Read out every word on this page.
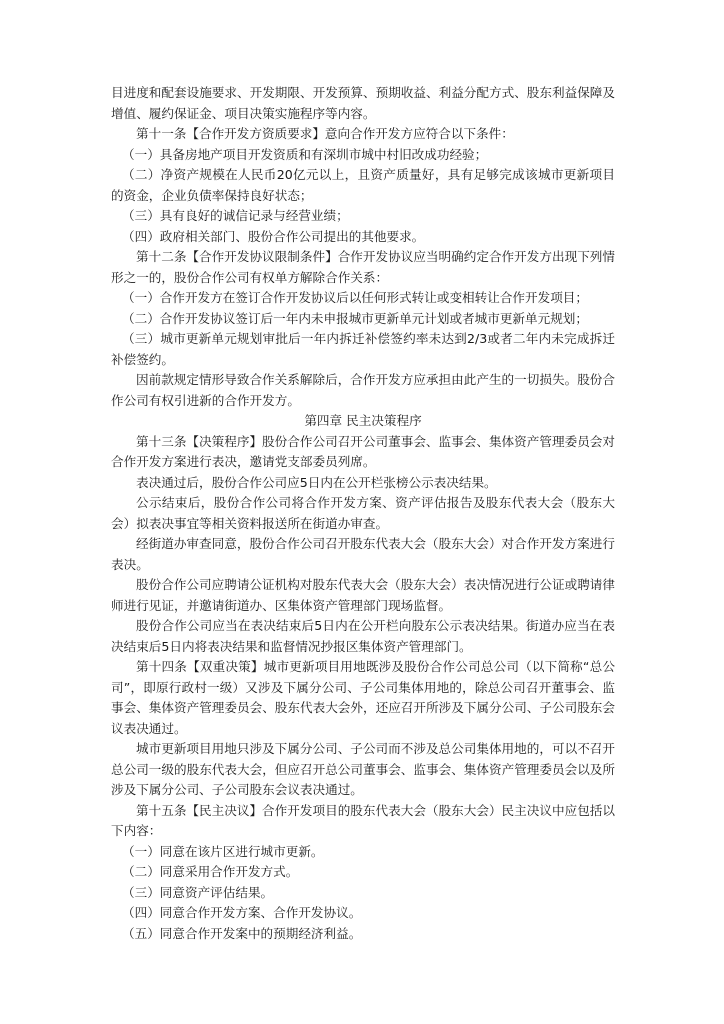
目进度和配套设施要求、开发期限、开发预算、预期收益、利益分配方式、股东利益保障及增值、履约保证金、项目决策实施程序等内容。

第十一条【合作开发方资质要求】意向合作开发方应符合以下条件：

（一）具备房地产项目开发资质和有深圳市城中村旧改成功经验；

（二）净资产规模在人民币20亿元以上，且资产质量好，具有足够完成该城市更新项目的资金，企业负债率保持良好状态；

（三）具有良好的诚信记录与经营业绩；

（四）政府相关部门、股份合作公司提出的其他要求。

第十二条【合作开发协议限制条件】合作开发协议应当明确约定合作开发方出现下列情形之一的，股份合作公司有权单方解除合作关系：

（一）合作开发方在签订合作开发协议后以任何形式转让或变相转让合作开发项目；

（二）合作开发协议签订后一年内未申报城市更新单元计划或者城市更新单元规划；

（三）城市更新单元规划审批后一年内拆迁补偿签约率未达到2/3或者二年内未完成拆迁补偿签约。

因前款规定情形导致合作关系解除后，合作开发方应承担由此产生的一切损失。股份合作公司有权引进新的合作开发方。

第四章 民主决策程序

第十三条【决策程序】股份合作公司召开公司董事会、监事会、集体资产管理委员会对合作开发方案进行表决，邀请党支部委员列席。

表决通过后，股份合作公司应5日内在公开栏张榜公示表决结果。

公示结束后，股份合作公司将合作开发方案、资产评估报告及股东代表大会（股东大会）拟表决事宜等相关资料报送所在街道办审查。

经街道办审查同意，股份合作公司召开股东代表大会（股东大会）对合作开发方案进行表决。

股份合作公司应聘请公证机构对股东代表大会（股东大会）表决情况进行公证或聘请律师进行见证，并邀请街道办、区集体资产管理部门现场监督。

股份合作公司应当在表决结束后5日内在公开栏向股东公示表决结果。街道办应当在表决结束后5日内将表决结果和监督情况抄报区集体资产管理部门。

第十四条【双重决策】城市更新项目用地既涉及股份合作公司总公司（以下简称“总公司”，即原行政村一级）又涉及下属分公司、子公司集体用地的，除总公司召开董事会、监事会、集体资产管理委员会、股东代表大会外，还应召开所涉及下属分公司、子公司股东会议表决通过。

城市更新项目用地只涉及下属分公司、子公司而不涉及总公司集体用地的，可以不召开总公司一级的股东代表大会，但应召开总公司董事会、监事会、集体资产管理委员会以及所涉及下属分公司、子公司股东会议表决通过。

第十五条【民主决议】合作开发项目的股东代表大会（股东大会）民主决议中应包括以下内容：

（一）同意在该片区进行城市更新。

（二）同意采用合作开发方式。

（三）同意资产评估结果。

（四）同意合作开发方案、合作开发协议。

（五）同意合作开发案中的预期经济利益。
